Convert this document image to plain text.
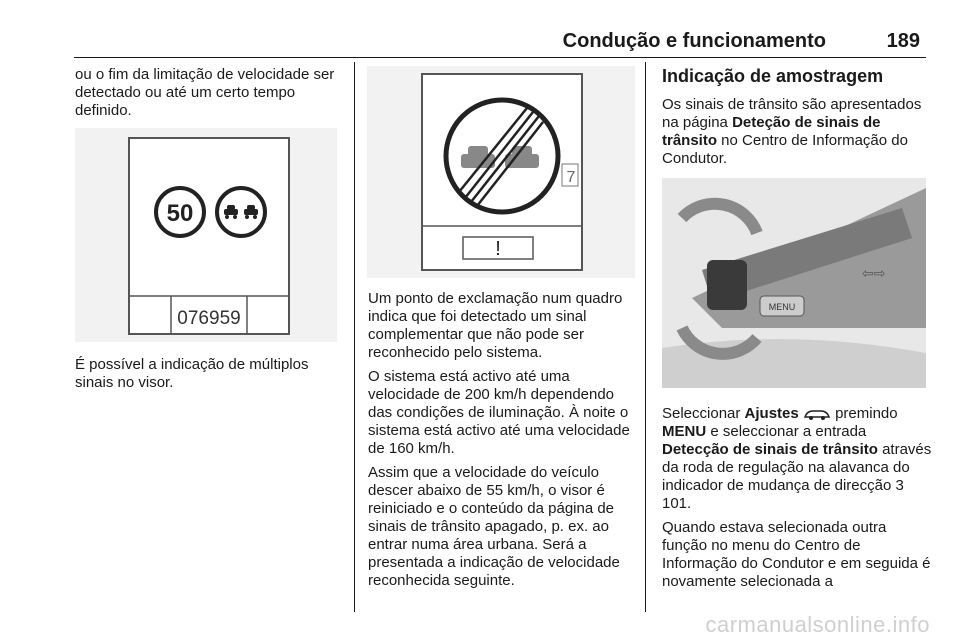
Condução e funcionamento	189

ou o fim da limitação de velocidade ser detectado ou até um certo tempo definido.

50
076959

É possível a indicação de múltiplos sinais no visor.

!
7

Um ponto de exclamação num quadro indica que foi detectado um sinal complementar que não pode ser reconhecido pelo sistema.

O sistema está activo até uma velocidade de 200 km/h dependendo das condições de iluminação. À noite o sistema está activo até uma velocidade de 160 km/h.

Assim que a velocidade do veículo descer abaixo de 55 km/h, o visor é reiniciado e o conteúdo da página de sinais de trânsito apagado, p. ex. ao entrar numa área urbana. Será a presentada a indicação de velocidade reconhecida seguinte.

Indicação de amostragem

Os sinais de trânsito são apresentados na página Deteção de sinais de trânsito no Centro de Informação do Condutor.

MENU
⇦⇨

Seleccionar Ajustes  premindo MENU e seleccionar a entrada Detecção de sinais de trânsito através da roda de regulação na alavanca do indicador de mudança de direcção 3 101.

Quando estava selecionada outra função no menu do Centro de Informação do Condutor e em seguida é novamente selecionada a

carmanualsonline.info
